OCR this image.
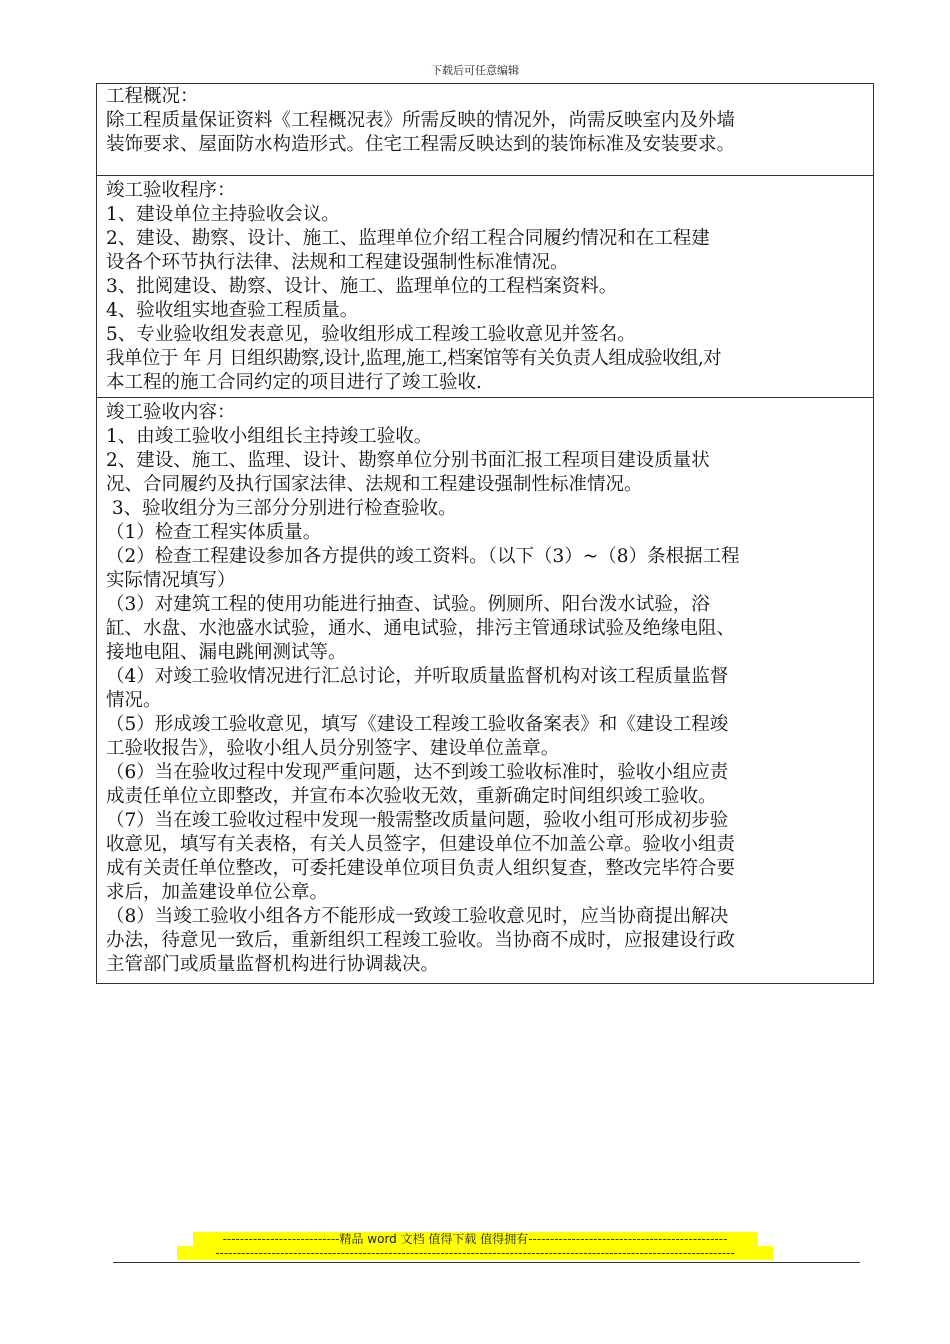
下载后可任意编辑
工程概况：
除工程质量保证资料《工程概况表》所需反映的情况外，尚需反映室内及外墙
装饰要求、屋面防水构造形式。住宅工程需反映达到的装饰标准及安装要求。
竣工验收程序：
1、建设单位主持验收会议。
2、建设、勘察、设计、施工、监理单位介绍工程合同履约情况和在工程建
设各个环节执行法律、法规和工程建设强制性标准情况。
3、批阅建设、勘察、设计、施工、监理单位的工程档案资料。
4、验收组实地查验工程质量。
5、专业验收组发表意见，验收组形成工程竣工验收意见并签名。
我单位于 年 月 日组织勘察,设计,监理,施工,档案馆等有关负责人组成验收组,对
本工程的施工合同约定的项目进行了竣工验收.
竣工验收内容：
1、由竣工验收小组组长主持竣工验收。
2、建设、施工、监理、设计、勘察单位分别书面汇报工程项目建设质量状
况、合同履约及执行国家法律、法规和工程建设强制性标准情况。
3、验收组分为三部分分别进行检查验收。
（1）检查工程实体质量。
（2）检查工程建设参加各方提供的竣工资料。（以下（3）~（8）条根据工程
实际情况填写）
（3）对建筑工程的使用功能进行抽查、试验。例厕所、阳台泼水试验，浴
缸、水盘、水池盛水试验，通水、通电试验，排污主管通球试验及绝缘电阻、
接地电阻、漏电跳闸测试等。
（4）对竣工验收情况进行汇总讨论，并听取质量监督机构对该工程质量监督
情况。
（5）形成竣工验收意见，填写《建设工程竣工验收备案表》和《建设工程竣
工验收报告》，验收小组人员分别签字、建设单位盖章。
（6）当在验收过程中发现严重问题，达不到竣工验收标准时，验收小组应责
成责任单位立即整改，并宣布本次验收无效，重新确定时间组织竣工验收。
（7）当在竣工验收过程中发现一般需整改质量问题，验收小组可形成初步验
收意见，填写有关表格，有关人员签字，但建设单位不加盖公章。验收小组责
成有关责任单位整改，可委托建设单位项目负责人组织复查，整改完毕符合要
求后，加盖建设单位公章。
（8）当竣工验收小组各方不能形成一致竣工验收意见时，应当协商提出解决
办法，待意见一致后，重新组织工程竣工验收。当协商不成时，应报建设行政
主管部门或质量监督机构进行协调裁决。
---------------------------精品 word 文档 值得下载 值得拥有----------------------------------------------
------------------------------------------------------------------------------------------------------------------------
